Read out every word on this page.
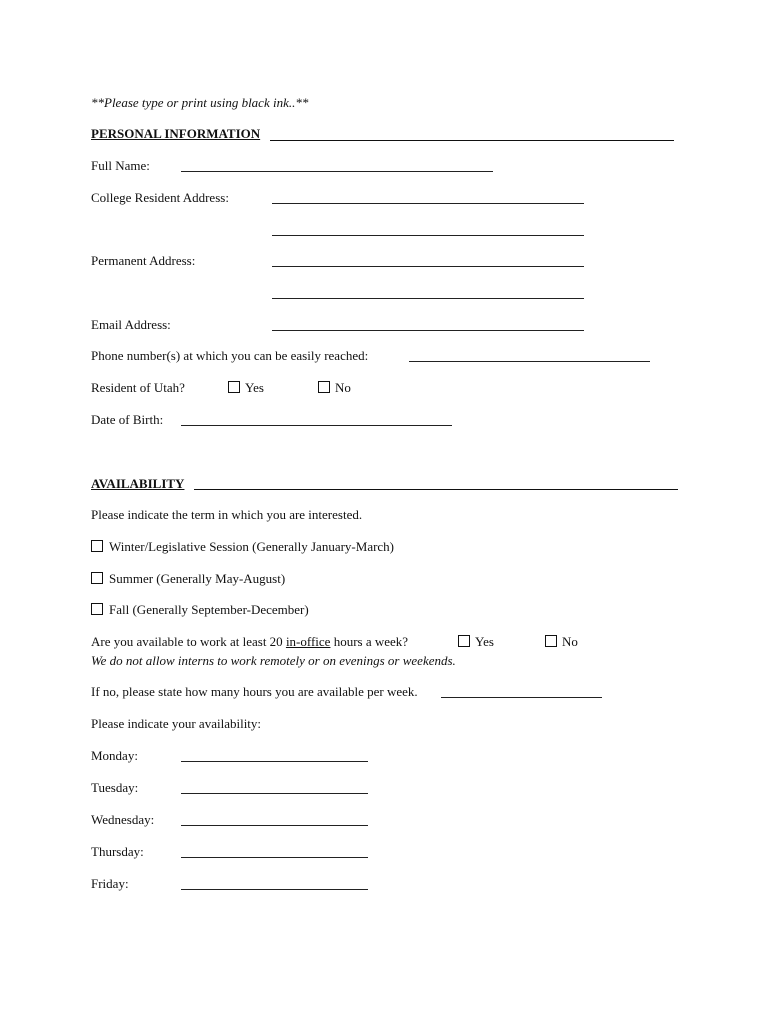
**Please type or print using black ink..**
PERSONAL INFORMATION
Full Name:
College Resident Address:
Permanent Address:
Email Address:
Phone number(s) at which you can be easily reached:
Resident of Utah?	Yes	No
Date of Birth:
AVAILABILITY
Please indicate the term in which you are interested.
Winter/Legislative Session (Generally January-March)
Summer (Generally May-August)
Fall (Generally September-December)
Are you available to work at least 20 in-office hours a week?	Yes	No
We do not allow interns to work remotely or on evenings or weekends.
If no, please state how many hours you are available per week.
Please indicate your availability:
Monday:
Tuesday:
Wednesday:
Thursday:
Friday:
